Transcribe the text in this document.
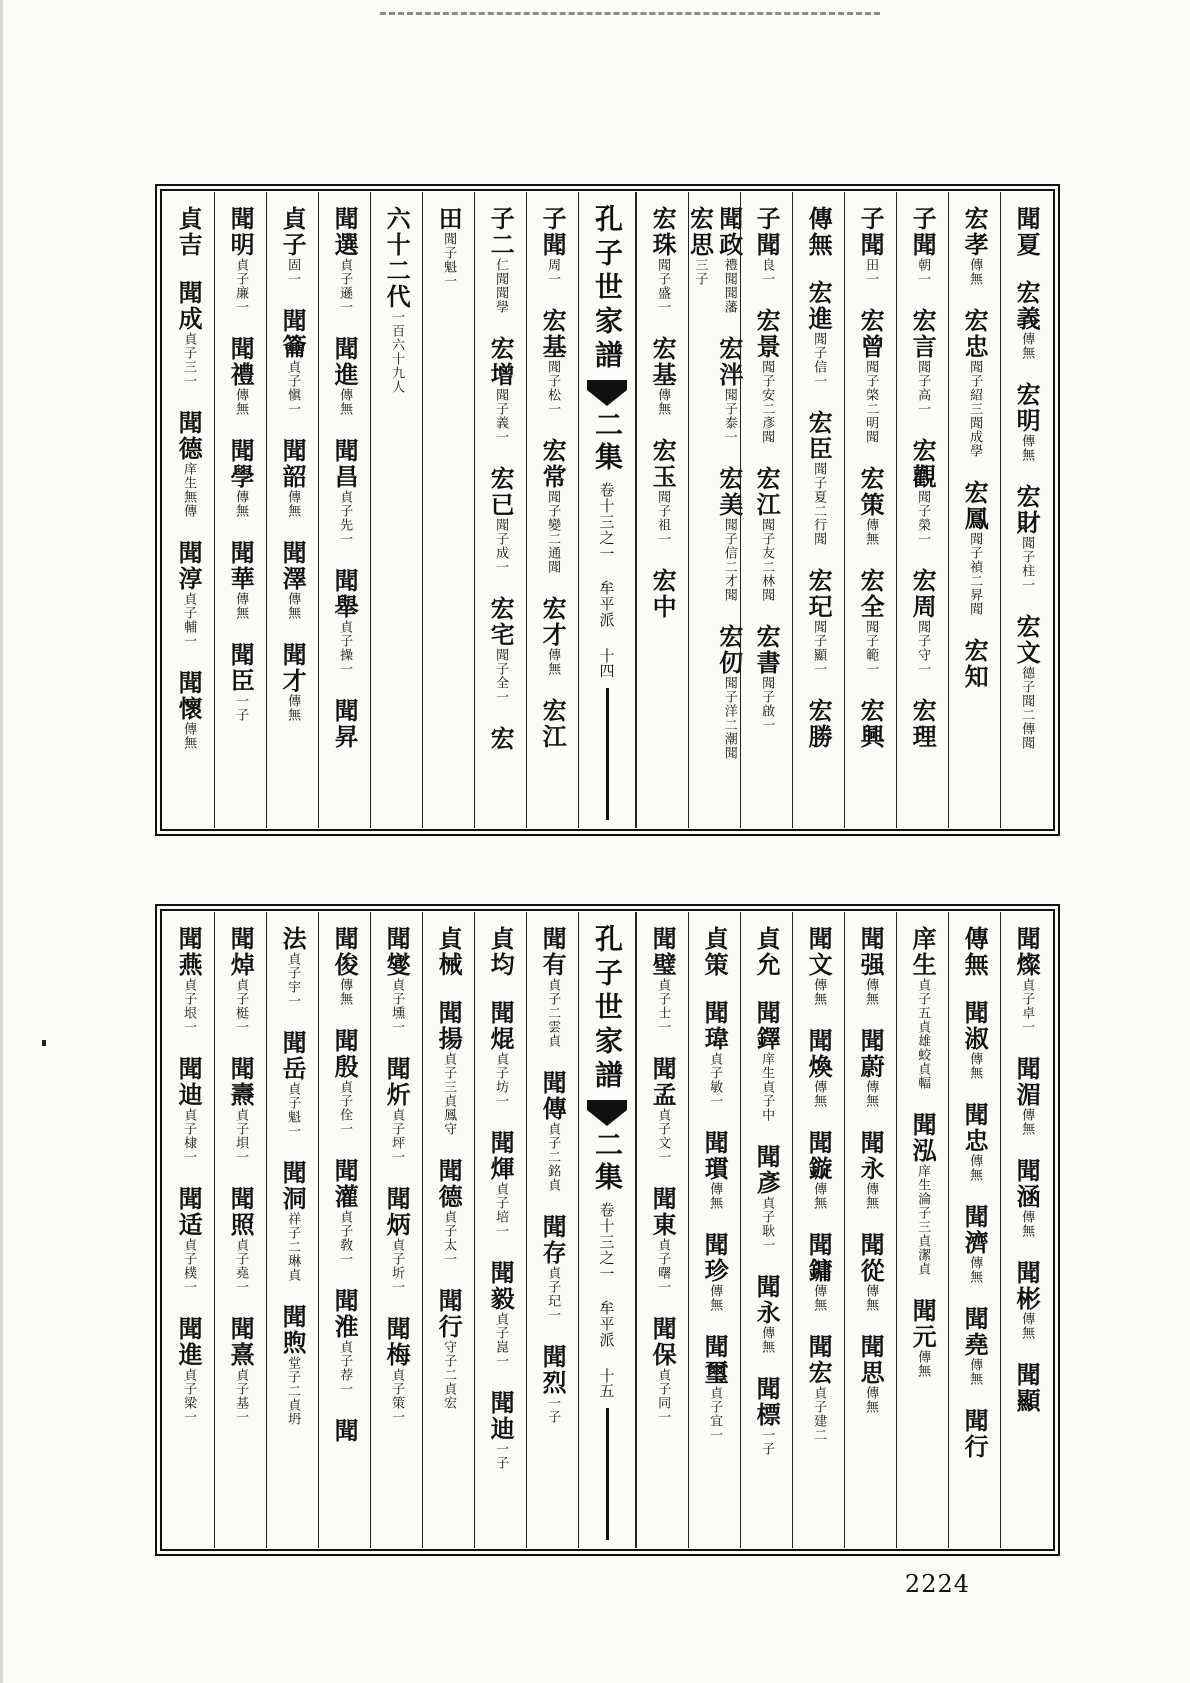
聞夏
宏義傳無
宏明傳無
宏財聞子柱一
宏文德子聞二傳聞
宏孝傳無
宏忠聞子紹三聞成學
宏鳳聞子禎二昇聞
宏知
子聞朝一
宏言聞子高一
宏觀聞子榮一
宏周聞子守一
宏理
子聞田一
宏曾聞子棨二明聞
宏策傳無
宏全聞子範一
宏興
傳無
宏進聞子信一
宏臣聞子夏二行聞
宏玘聞子顯一
宏勝
子聞良一
宏景聞子安二彥聞
宏江聞子友二林聞
宏書聞子啟一
聞政禮聞聞藩
宏泮聞子泰一
宏美聞子信二才聞
宏仞聞子洋二潮聞
宏思三子
宏珠聞子盛一
宏基傳無
宏玉聞子祖一
宏中
孔子世家譜
二集
卷十三之一
牟平派
十四
子聞周一
宏基聞子松一
宏常聞子變二通聞
宏才傳無
宏江
子二仁聞聞學
宏增聞子義一
宏已聞子成一
宏宅聞子全一
宏
田聞子魁一
六十二代一百六十九人
聞選貞子遜一
聞進傳無
聞昌貞子先一
聞舉貞子操一
聞昇
貞子固一
聞籥貞子愼一
聞韶傳無
聞澤傳無
聞才傳無
聞明貞子廉一
聞禮傳無
聞學傳無
聞華傳無
聞臣一子
貞吉
聞成貞子三一
聞德庠生無傳
聞淳貞子輔一
聞懷傳無
聞燦貞子卓一
聞湄傳無
聞涵傳無
聞彬傳無
聞顯
傳無
聞淑傳無
聞忠傳無
聞濟傳無
聞堯傳無
聞行
庠生貞子五貞雄蛟貞輻
聞泓庠生淪子三貞潔貞
聞元傳無
聞强傳無
聞蔚傳無
聞永傳無
聞從傳無
聞思傳無
聞文傳無
聞煥傳無
聞鏇傳無
聞鏞傳無
聞宏貞子建二
貞允
聞鐸庠生貞子中
聞彥貞子耿一
聞永傳無
聞標一子
貞策
聞瑋貞子敏一
聞瑻傳無
聞珍傳無
聞璽貞子宜一
聞璧貞子士一
聞孟貞子文一
聞東貞子曙一
聞保貞子同一
孔子世家譜
二集
卷十三之一
牟平派
十五
聞有貞子二雲貞
聞傳貞子二銘貞
聞存貞子玘一
聞烈一子
貞均
聞焜貞子坊一
聞煇貞子培一
聞毅貞子崑一
聞迪一子
貞械
聞揚貞子三貞鳳守
聞德貞子太一
聞行守子二貞宏
聞燮貞子壎一
聞炘貞子坪一
聞炳貞子圻一
聞梅貞子策一
聞俊傳無
聞殷貞子佺一
聞灌貞子敎一
聞淮貞子荐一
聞
法貞子宇一
聞岳貞子魁一
聞洞祥子二琳貞
聞煦堂子二貞坍
聞焯貞子梃一
聞燾貞子垻一
聞照貞子堯一
聞熹貞子基一
聞燕貞子垠一
聞迪貞子棣一
聞适貞子樸一
聞進貞子梁一
2224
